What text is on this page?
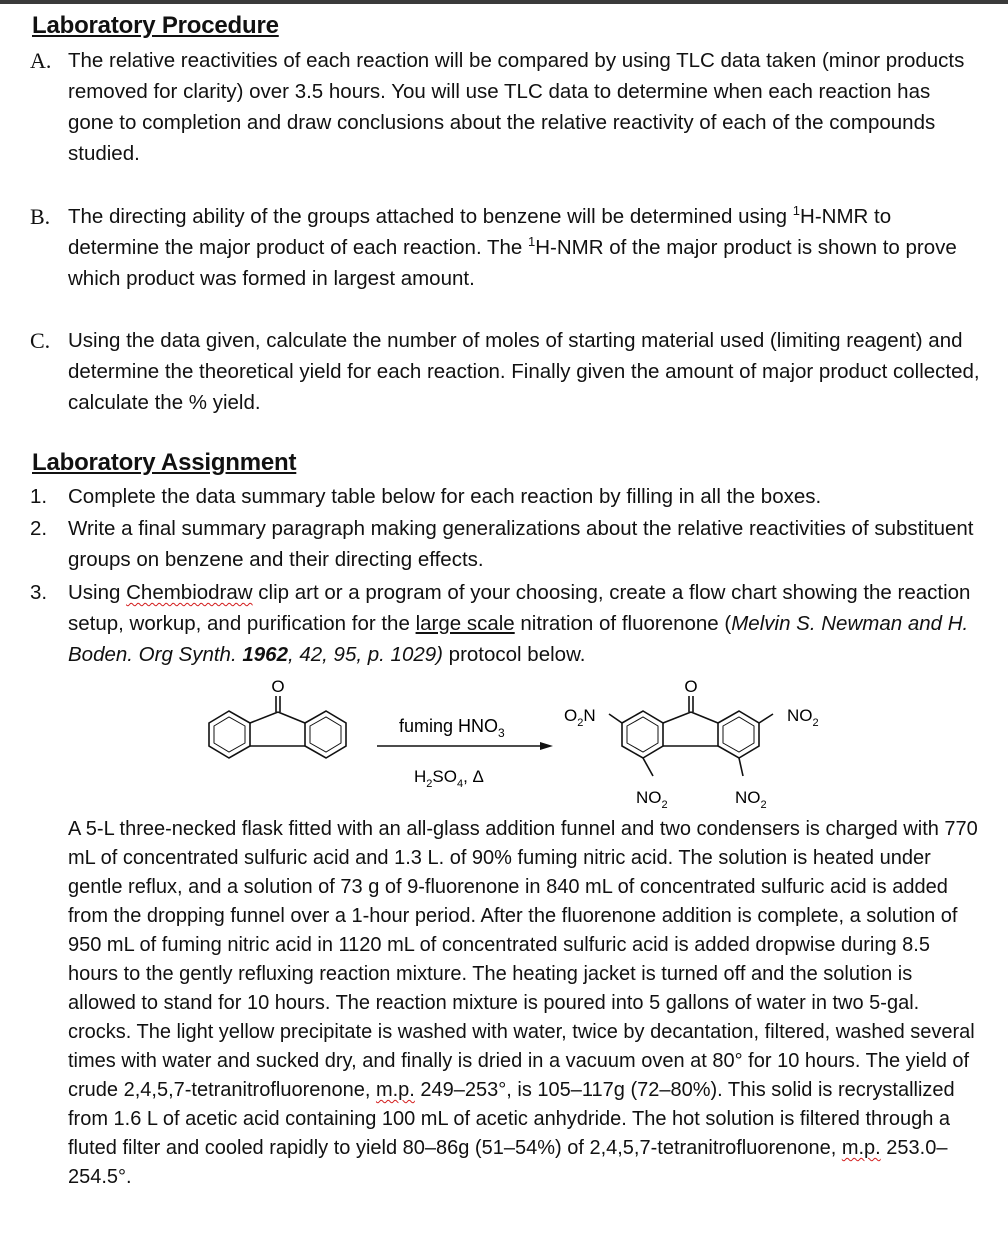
Laboratory Procedure
A. The relative reactivities of each reaction will be compared by using TLC data taken (minor products removed for clarity) over 3.5 hours. You will use TLC data to determine when each reaction has gone to completion and draw conclusions about the relative reactivity of each of the compounds studied.
B. The directing ability of the groups attached to benzene will be determined using $^1$H-NMR to determine the major product of each reaction. The $^1$H-NMR of the major product is shown to prove which product was formed in largest amount.
C. Using the data given, calculate the number of moles of starting material used (limiting reagent) and determine the theoretical yield for each reaction. Finally given the amount of major product collected, calculate the % yield.
Laboratory Assignment
1. Complete the data summary table below for each reaction by filling in all the boxes.
2. Write a final summary paragraph making generalizations about the relative reactivities of substituent groups on benzene and their directing effects.
3. Using Chembiodraw clip art or a program of your choosing, create a flow chart showing the reaction setup, workup, and purification for the large scale nitration of fluorenone (Melvin S. Newman and H. Boden. Org Synth. 1962, 42, 95, p. 1029) protocol below.
O	O
fuming $HNO_3$
$H_2SO_4$, Δ
$O_2N$	$NO_2$
$NO_2$	$NO_2$
A 5-L three-necked flask fitted with an all-glass addition funnel and two condensers is charged with 770 mL of concentrated sulfuric acid and 1.3 L. of 90% fuming nitric acid. The solution is heated under gentle reflux, and a solution of 73 g of 9-fluorenone in 840 mL of concentrated sulfuric acid is added from the dropping funnel over a 1-hour period. After the fluorenone addition is complete, a solution of 950 mL of fuming nitric acid in 1120 mL of concentrated sulfuric acid is added dropwise during 8.5 hours to the gently refluxing reaction mixture. The heating jacket is turned off and the solution is allowed to stand for 10 hours. The reaction mixture is poured into 5 gallons of water in two 5-gal. crocks. The light yellow precipitate is washed with water, twice by decantation, filtered, washed several times with water and sucked dry, and finally is dried in a vacuum oven at 80° for 10 hours. The yield of crude 2,4,5,7-tetranitrofluorenone, m.p. 249–253°, is 105–117g (72–80%). This solid is recrystallized from 1.6 L of acetic acid containing 100 mL of acetic anhydride. The hot solution is filtered through a fluted filter and cooled rapidly to yield 80–86g (51–54%) of 2,4,5,7-tetranitrofluorenone, m.p. 253.0–254.5°.
